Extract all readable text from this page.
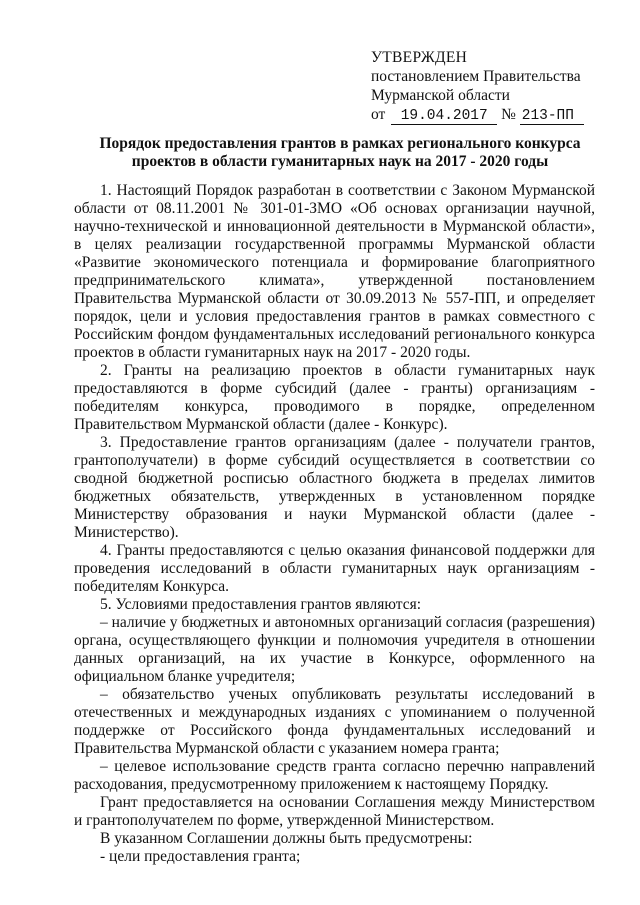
УТВЕРЖДЕН
постановлением Правительства
Мурманской области
от 19.04.2017 № 213-ПП
Порядок предоставления грантов в рамках регионального конкурса
проектов в области гуманитарных наук на 2017 - 2020 годы

1. Настоящий Порядок разработан в соответствии с Законом Мурманской области от 08.11.2001 № 301-01-ЗМО «Об основах организации научной, научно-технической и инновационной деятельности в Мурманской области», в целях реализации государственной программы Мурманской области «Развитие экономического потенциала и формирование благоприятного предпринимательского климата», утвержденной постановлением Правительства Мурманской области от 30.09.2013 № 557-ПП, и определяет порядок, цели и условия предоставления грантов в рамках совместного с Российским фондом фундаментальных исследований регионального конкурса проектов в области гуманитарных наук на 2017 - 2020 годы.

2. Гранты на реализацию проектов в области гуманитарных наук предоставляются в форме субсидий (далее - гранты) организациям - победителям конкурса, проводимого в порядке, определенном Правительством Мурманской области (далее - Конкурс).

3. Предоставление грантов организациям (далее - получатели грантов, грантополучатели) в форме субсидий осуществляется в соответствии со сводной бюджетной росписью областного бюджета в пределах лимитов бюджетных обязательств, утвержденных в установленном порядке Министерству образования и науки Мурманской области (далее - Министерство).

4. Гранты предоставляются с целью оказания финансовой поддержки для проведения исследований в области гуманитарных наук организациям - победителям Конкурса.

5. Условиями предоставления грантов являются:

– наличие у бюджетных и автономных организаций согласия (разрешения) органа, осуществляющего функции и полномочия учредителя в отношении данных организаций, на их участие в Конкурсе, оформленного на официальном бланке учредителя;

– обязательство ученых опубликовать результаты исследований в отечественных и международных изданиях с упоминанием о полученной поддержке от Российского фонда фундаментальных исследований и Правительства Мурманской области с указанием номера гранта;

– целевое использование средств гранта согласно перечню направлений расходования, предусмотренному приложением к настоящему Порядку.

Грант предоставляется на основании Соглашения между Министерством и грантополучателем по форме, утвержденной Министерством.

В указанном Соглашении должны быть предусмотрены:

- цели предоставления гранта;
